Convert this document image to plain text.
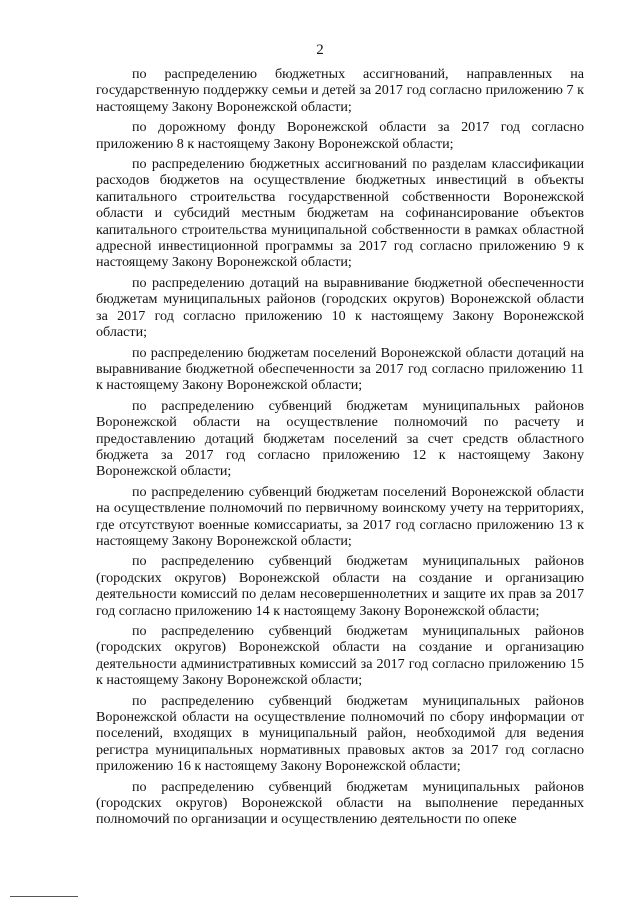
2

по распределению бюджетных ассигнований, направленных на государственную поддержку семьи и детей за 2017 год согласно приложению 7 к настоящему Закону Воронежской области;

по дорожному фонду Воронежской области за 2017 год согласно приложению 8 к настоящему Закону Воронежской области;

по распределению бюджетных ассигнований по разделам классификации расходов бюджетов на осуществление бюджетных инвестиций в объекты капитального строительства государственной собственности Воронежской области и субсидий местным бюджетам на софинансирование объектов капитального строительства муниципальной собственности в рамках областной адресной инвестиционной программы за 2017 год согласно приложению 9 к настоящему Закону Воронежской области;

по распределению дотаций на выравнивание бюджетной обеспеченности бюджетам муниципальных районов (городских округов) Воронежской области за 2017 год согласно приложению 10 к настоящему Закону Воронежской области;

по распределению бюджетам поселений Воронежской области дотаций на выравнивание бюджетной обеспеченности за 2017 год согласно приложению 11 к настоящему Закону Воронежской области;

по распределению субвенций бюджетам муниципальных районов Воронежской области на осуществление полномочий по расчету и предоставлению дотаций бюджетам поселений за счет средств областного бюджета за 2017 год согласно приложению 12 к настоящему Закону Воронежской области;

по распределению субвенций бюджетам поселений Воронежской области на осуществление полномочий по первичному воинскому учету на территориях, где отсутствуют военные комиссариаты, за 2017 год согласно приложению 13 к настоящему Закону Воронежской области;

по распределению субвенций бюджетам муниципальных районов (городских округов) Воронежской области на создание и организацию деятельности комиссий по делам несовершеннолетних и защите их прав за 2017 год согласно приложению 14 к настоящему Закону Воронежской области;

по распределению субвенций бюджетам муниципальных районов (городских округов) Воронежской области на создание и организацию деятельности административных комиссий за 2017 год согласно приложению 15 к настоящему Закону Воронежской области;

по распределению субвенций бюджетам муниципальных районов Воронежской области на осуществление полномочий по сбору информации от поселений, входящих в муниципальный район, необходимой для ведения регистра муниципальных нормативных правовых актов за 2017 год согласно приложению 16 к настоящему Закону Воронежской области;

по распределению субвенций бюджетам муниципальных районов (городских округов) Воронежской области на выполнение переданных полномочий по организации и осуществлению деятельности по опеке
